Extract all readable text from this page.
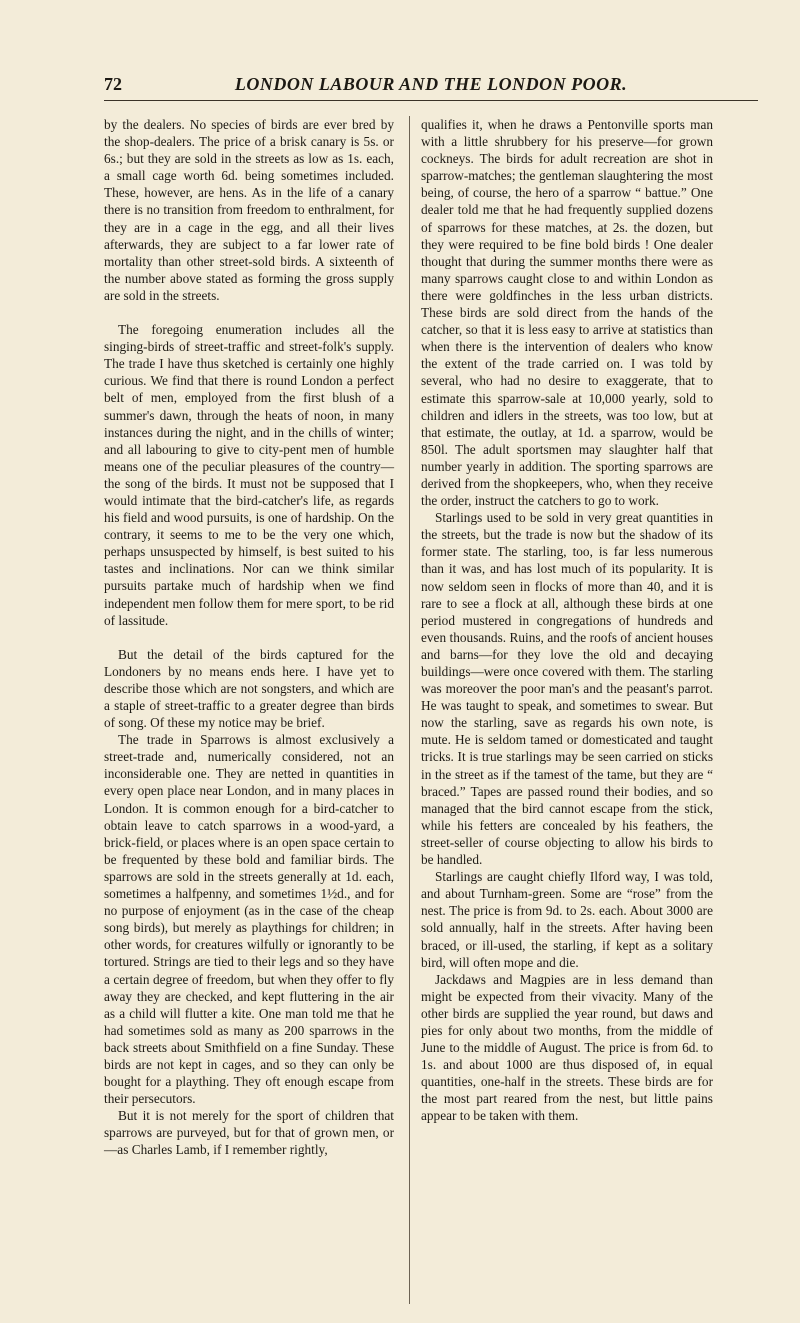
72	LONDON LABOUR AND THE LONDON POOR.

by the dealers. No species of birds are ever bred by the shop-dealers. The price of a brisk canary is 5s. or 6s.; but they are sold in the streets as low as 1s. each, a small cage worth 6d. being sometimes included. These, however, are hens. As in the life of a canary there is no transition from freedom to enthralment, for they are in a cage in the egg, and all their lives afterwards, they are subject to a far lower rate of mortality than other street-sold birds. A sixteenth of the number above stated as forming the gross supply are sold in the streets.

The foregoing enumeration includes all the singing-birds of street-traffic and street-folk's supply. The trade I have thus sketched is certainly one highly curious. We find that there is round London a perfect belt of men, employed from the first blush of a summer's dawn, through the heats of noon, in many instances during the night, and in the chills of winter; and all labouring to give to city-pent men of humble means one of the peculiar pleasures of the country—the song of the birds. It must not be supposed that I would intimate that the bird-catcher's life, as regards his field and wood pursuits, is one of hardship. On the contrary, it seems to me to be the very one which, perhaps unsuspected by himself, is best suited to his tastes and inclinations. Nor can we think similar pursuits partake much of hardship when we find independent men follow them for mere sport, to be rid of lassitude.

But the detail of the birds captured for the Londoners by no means ends here. I have yet to describe those which are not songsters, and which are a staple of street-traffic to a greater degree than birds of song. Of these my notice may be brief.

The trade in Sparrows is almost exclusively a street-trade and, numerically considered, not an inconsiderable one. They are netted in quantities in every open place near London, and in many places in London. It is common enough for a bird-catcher to obtain leave to catch sparrows in a wood-yard, a brick-field, or places where is an open space certain to be frequented by these bold and familiar birds. The sparrows are sold in the streets generally at 1d. each, sometimes a halfpenny, and sometimes 1½d., and for no purpose of enjoyment (as in the case of the cheap song birds), but merely as playthings for children; in other words, for creatures wilfully or ignorantly to be tortured. Strings are tied to their legs and so they have a certain degree of freedom, but when they offer to fly away they are checked, and kept fluttering in the air as a child will flutter a kite. One man told me that he had sometimes sold as many as 200 sparrows in the back streets about Smithfield on a fine Sunday. These birds are not kept in cages, and so they can only be bought for a plaything. They oft enough escape from their persecutors.

But it is not merely for the sport of children that sparrows are purveyed, but for that of grown men, or—as Charles Lamb, if I remember rightly,

qualifies it, when he draws a Pentonville sports man with a little shrubbery for his preserve—for grown cockneys. The birds for adult recreation are shot in sparrow-matches; the gentleman slaughtering the most being, of course, the hero of a sparrow “ battue.” One dealer told me that he had frequently supplied dozens of sparrows for these matches, at 2s. the dozen, but they were required to be fine bold birds ! One dealer thought that during the summer months there were as many sparrows caught close to and within London as there were goldfinches in the less urban districts. These birds are sold direct from the hands of the catcher, so that it is less easy to arrive at statistics than when there is the intervention of dealers who know the extent of the trade carried on. I was told by several, who had no desire to exaggerate, that to estimate this sparrow-sale at 10,000 yearly, sold to children and idlers in the streets, was too low, but at that estimate, the outlay, at 1d. a sparrow, would be 850l. The adult sportsmen may slaughter half that number yearly in addition. The sporting sparrows are derived from the shopkeepers, who, when they receive the order, instruct the catchers to go to work.

Starlings used to be sold in very great quantities in the streets, but the trade is now but the shadow of its former state. The starling, too, is far less numerous than it was, and has lost much of its popularity. It is now seldom seen in flocks of more than 40, and it is rare to see a flock at all, although these birds at one period mustered in congregations of hundreds and even thousands. Ruins, and the roofs of ancient houses and barns—for they love the old and decaying buildings—were once covered with them. The starling was moreover the poor man's and the peasant's parrot. He was taught to speak, and sometimes to swear. But now the starling, save as regards his own note, is mute. He is seldom tamed or domesticated and taught tricks. It is true starlings may be seen carried on sticks in the street as if the tamest of the tame, but they are “ braced.” Tapes are passed round their bodies, and so managed that the bird cannot escape from the stick, while his fetters are concealed by his feathers, the street-seller of course objecting to allow his birds to be handled.

Starlings are caught chiefly Ilford way, I was told, and about Turnham-green. Some are “rose” from the nest. The price is from 9d. to 2s. each. About 3000 are sold annually, half in the streets. After having been braced, or ill-used, the starling, if kept as a solitary bird, will often mope and die.

Jackdaws and Magpies are in less demand than might be expected from their vivacity. Many of the other birds are supplied the year round, but daws and pies for only about two months, from the middle of June to the middle of August. The price is from 6d. to 1s. and about 1000 are thus disposed of, in equal quantities, one-half in the streets. These birds are for the most part reared from the nest, but little pains appear to be taken with them.
